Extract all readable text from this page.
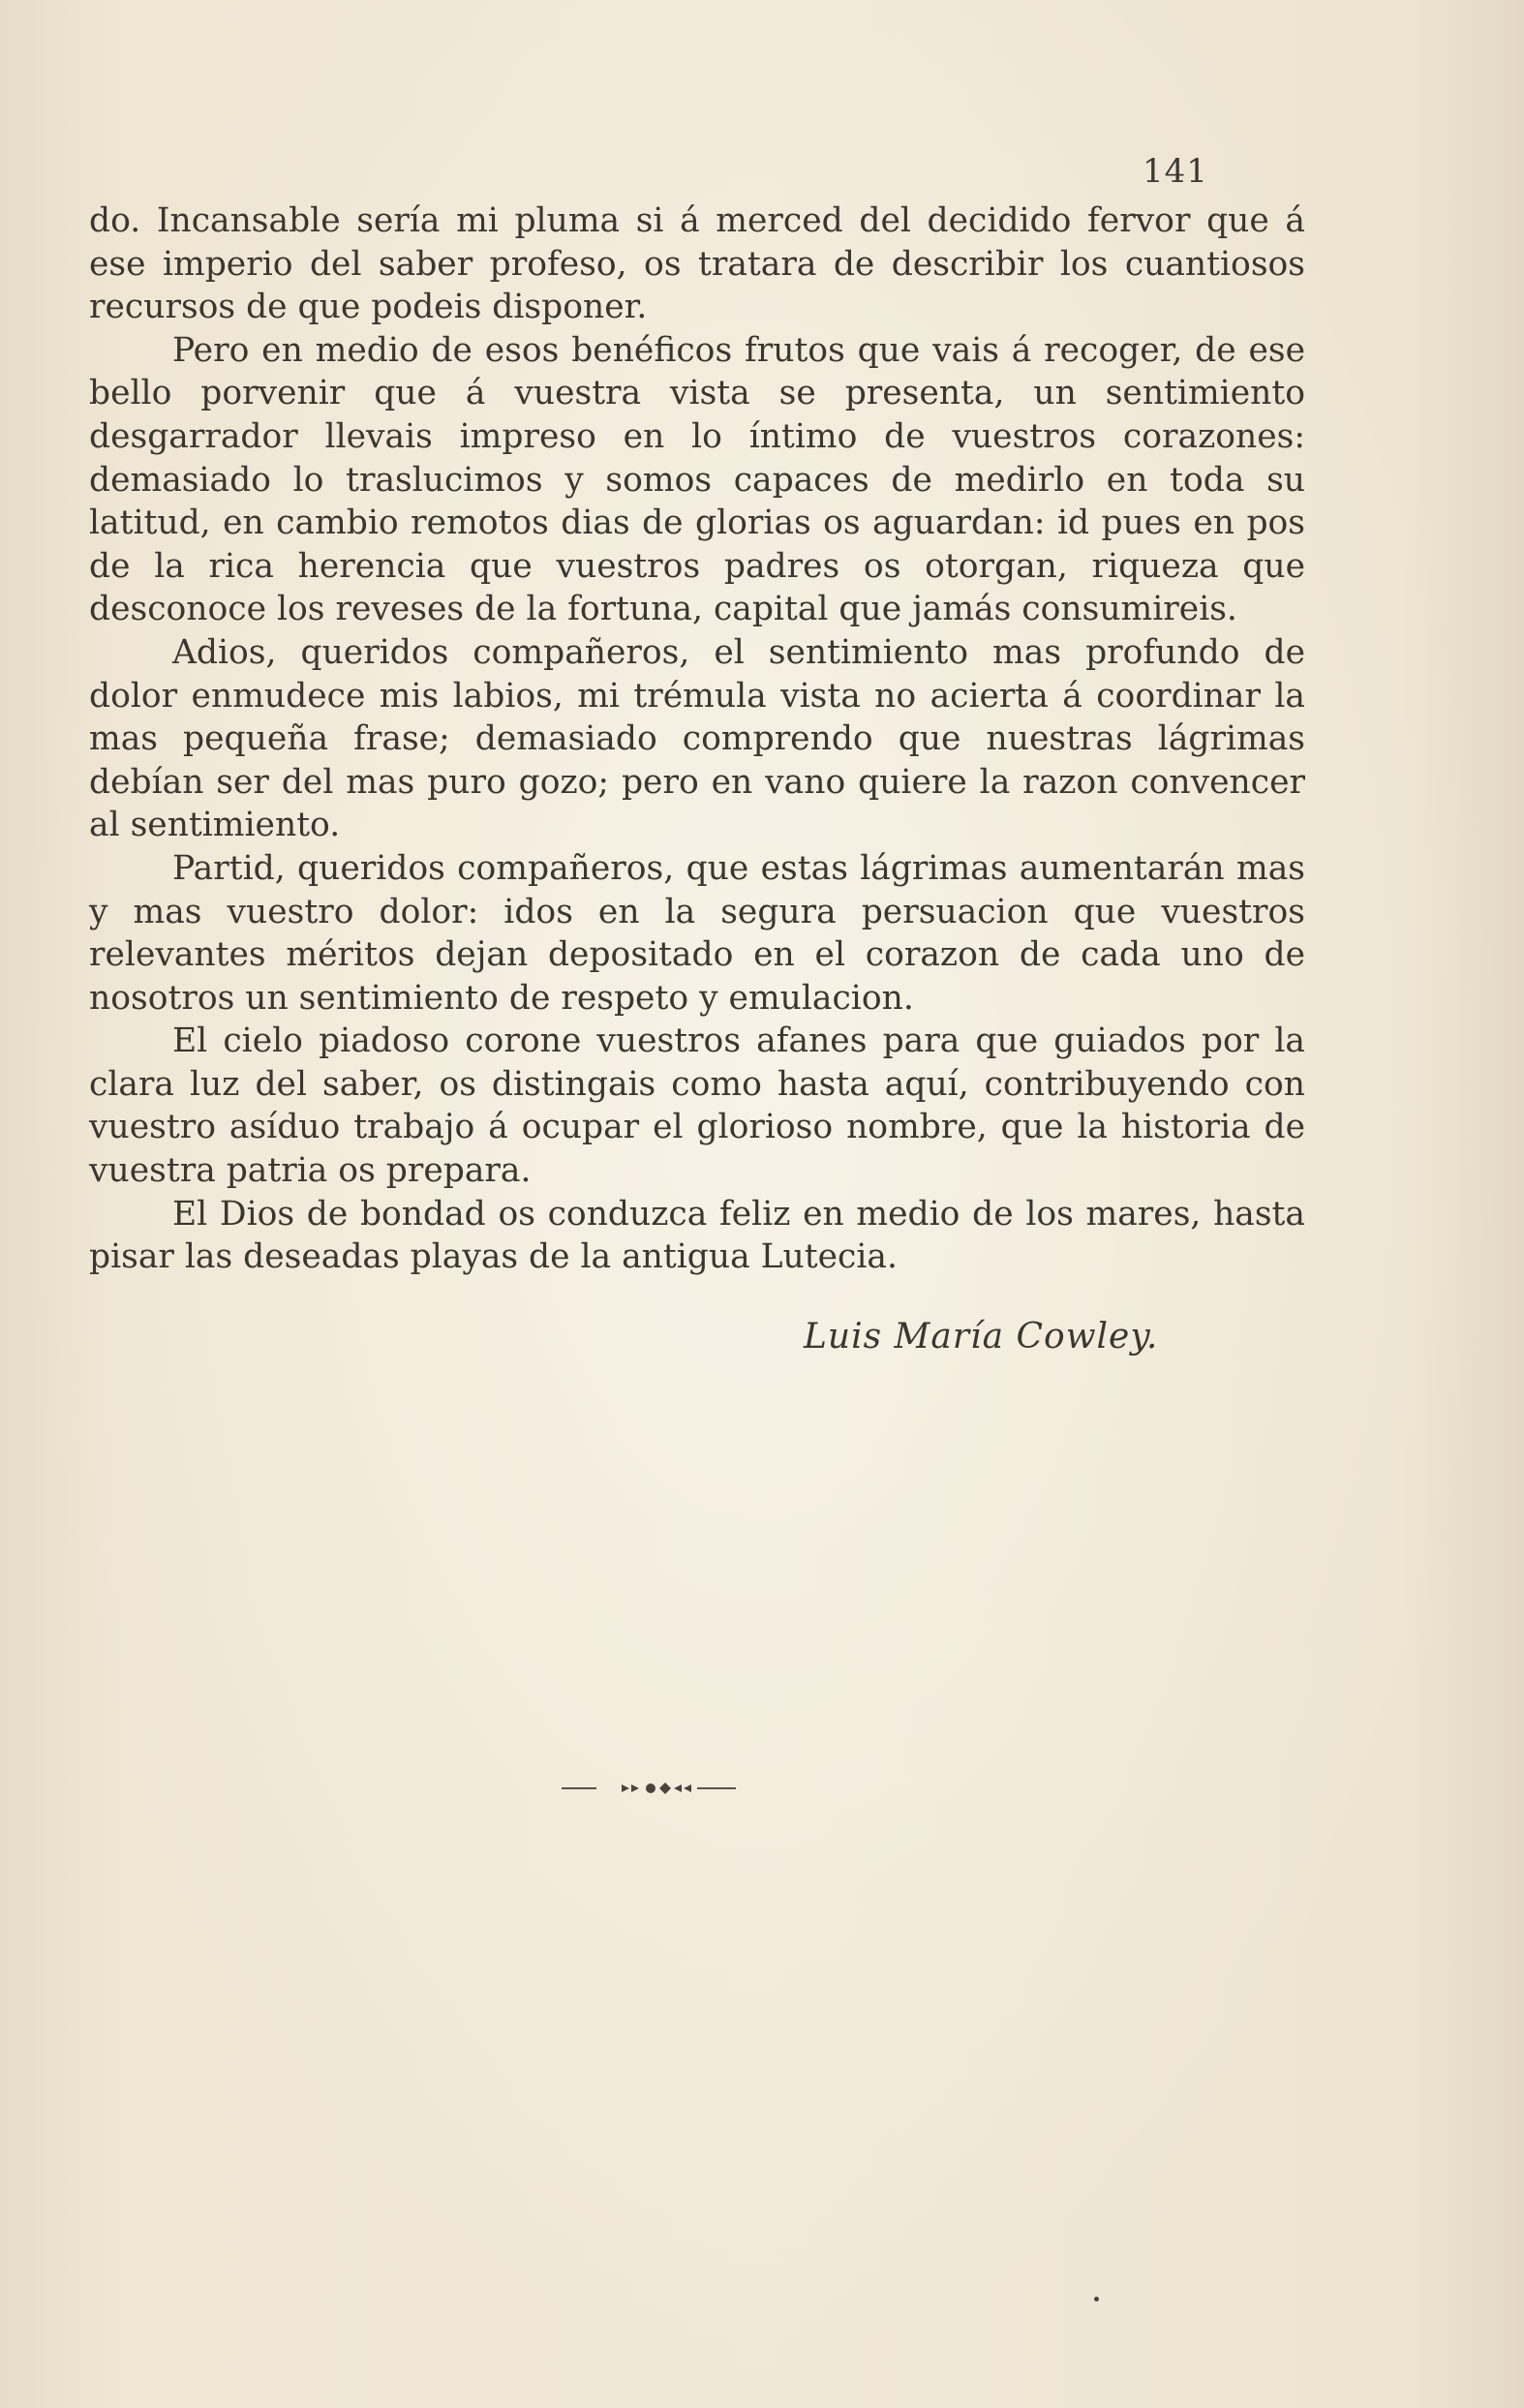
141

do. Incansable sería mi pluma si á merced del decidido fervor que á ese imperio del saber profeso, os tratara de describir los cuantiosos recursos de que podeis disponer.

Pero en medio de esos benéficos frutos que vais á recoger, de ese bello porvenir que á vuestra vista se presenta, un sentimiento desgarrador llevais impreso en lo íntimo de vuestros corazones: demasiado lo traslucimos y somos capaces de medirlo en toda su latitud, en cambio remotos dias de glorias os aguardan: id pues en pos de la rica herencia que vuestros padres os otorgan, riqueza que desconoce los reveses de la fortuna, capital que jamás consumireis.

Adios, queridos compañeros, el sentimiento mas profundo de dolor enmudece mis labios, mi trémula vista no acierta á coordinar la mas pequeña frase; demasiado comprendo que nuestras lágrimas debían ser del mas puro gozo; pero en vano quiere la razon convencer al sentimiento.

Partid, queridos compañeros, que estas lágrimas aumentarán mas y mas vuestro dolor: idos en la segura persuacion que vuestros relevantes méritos dejan depositado en el corazon de cada uno de nosotros un sentimiento de respeto y emulacion.

El cielo piadoso corone vuestros afanes para que guiados por la clara luz del saber, os distingais como hasta aquí, contribuyendo con vuestro asíduo trabajo á ocupar el glorioso nombre, que la historia de vuestra patria os prepara.

El Dios de bondad os conduzca feliz en medio de los mares, hasta pisar las deseadas playas de la antigua Lutecia.

Luis María Cowley.
